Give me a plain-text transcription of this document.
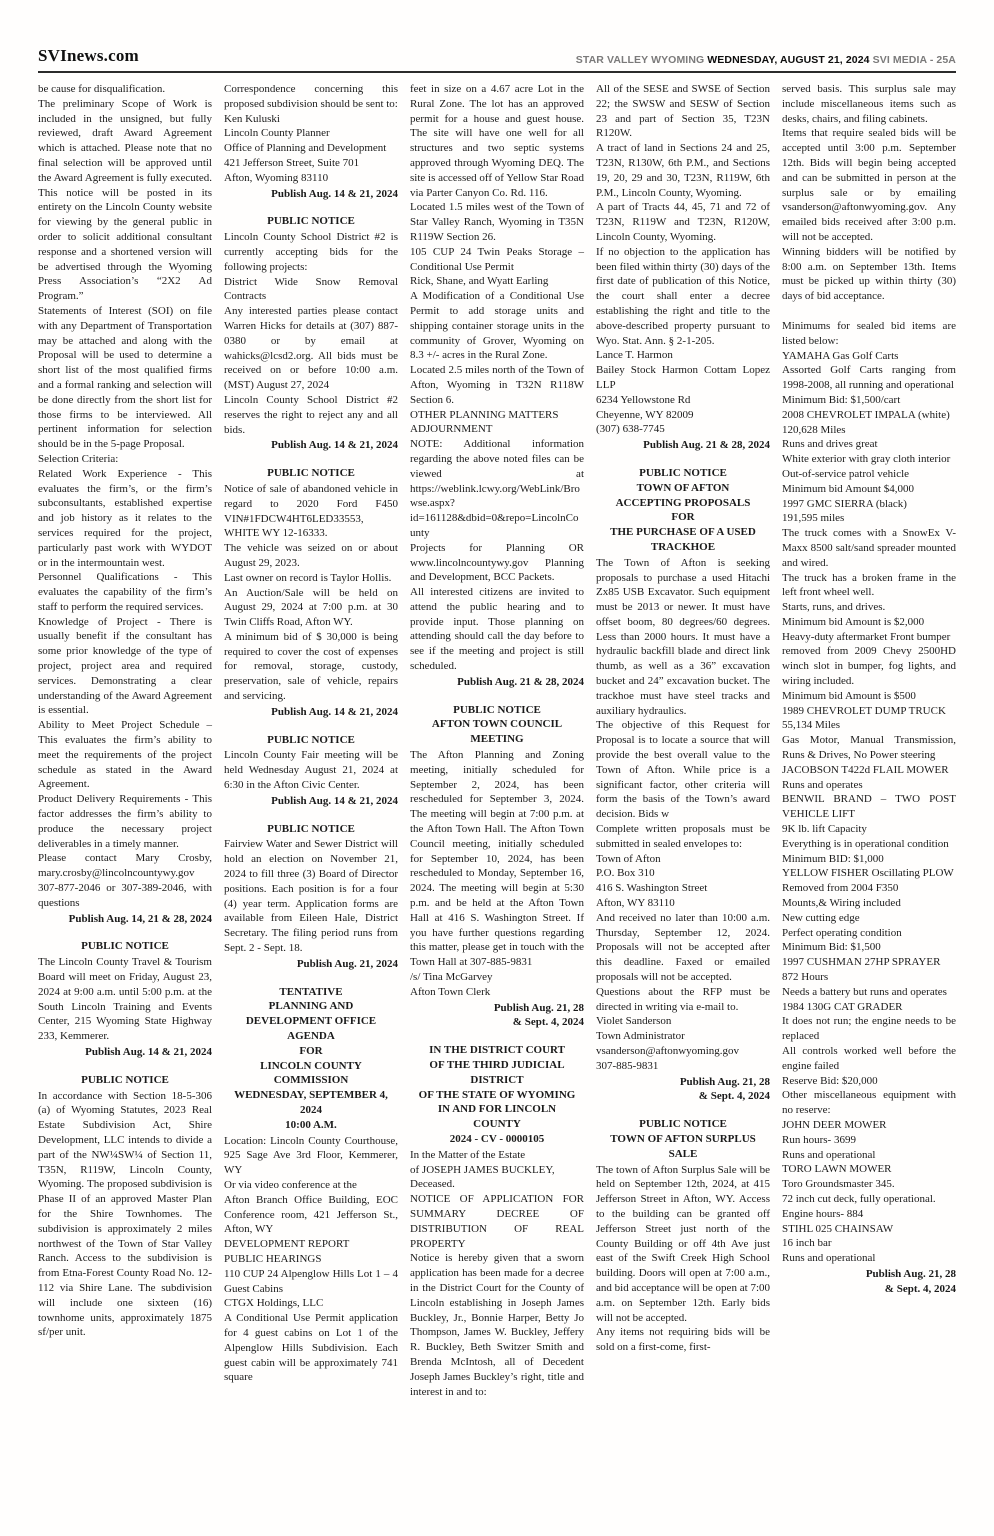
SVInews.com	STAR VALLEY WYOMING WEDNESDAY, AUGUST 21, 2024 SVI MEDIA - 25A
be cause for disqualification.
The preliminary Scope of Work is included in the unsigned, but fully reviewed, draft Award Agreement which is attached. Please note that no final selection will be approved until the Award Agreement is fully executed. This notice will be posted in its entirety on the Lincoln County website for viewing by the general public in order to solicit additional consultant response and a shortened version will be advertised through the Wyoming Press Association’s “2X2 Ad Program.”
Statements of Interest (SOI) on file with any Department of Transportation may be attached and along with the Proposal will be used to determine a short list of the most qualified firms and a formal ranking and selection will be done directly from the short list for those firms to be interviewed. All pertinent information for selection should be in the 5-page Proposal.
Selection Criteria:
Related Work Experience - This evaluates the firm’s, or the firm’s subconsultants, established expertise and job history as it relates to the services required for the project, particularly past work with WYDOT or in the intermountain west.
Personnel Qualifications - This evaluates the capability of the firm’s staff to perform the required services.
Knowledge of Project - There is usually benefit if the consultant has some prior knowledge of the type of project, project area and required services. Demonstrating a clear understanding of the Award Agreement is essential.
Ability to Meet Project Schedule – This evaluates the firm’s ability to meet the requirements of the project schedule as stated in the Award Agreement.
Product Delivery Requirements - This factor addresses the firm’s ability to produce the necessary project deliverables in a timely manner.
Please contact Mary Crosby, mary.crosby@lincolncountywy.gov 307-877-2046 or 307-389-2046, with questions
Publish Aug. 14, 21 & 28, 2024
PUBLIC NOTICE
The Lincoln County Travel & Tourism Board will meet on Friday, August 23, 2024 at 9:00 a.m. until 5:00 p.m. at the South Lincoln Training and Events Center, 215 Wyoming State Highway 233, Kemmerer.
Publish Aug. 14 & 21, 2024
PUBLIC NOTICE
In accordance with Section 18-5-306 (a) of Wyoming Statutes, 2023 Real Estate Subdivision Act, Shire Development, LLC intends to divide a part of the NW¼SW¼ of Section 11, T35N, R119W, Lincoln County, Wyoming. The proposed subdivision is Phase II of an approved Master Plan for the Shire Townhomes. The subdivision is approximately 2 miles northwest of the Town of Star Valley Ranch. Access to the subdivision is from Etna-Forest County Road No. 12-112 via Shire Lane. The subdivision will include one sixteen (16) townhome units, approximately 1875 sf/per unit.
Correspondence concerning this proposed subdivision should be sent to:
Ken Kuluski
Lincoln County Planner
Office of Planning and Development
421 Jefferson Street, Suite 701
Afton, Wyoming 83110
Publish Aug. 14 & 21, 2024
PUBLIC NOTICE
Lincoln County School District #2 is currently accepting bids for the following projects:
District Wide Snow Removal Contracts
Any interested parties please contact Warren Hicks for details at (307) 887-0380 or by email at wahicks@lcsd2.org. All bids must be received on or before 10:00 a.m. (MST) August 27, 2024
Lincoln County School District #2 reserves the right to reject any and all bids.
Publish Aug. 14 & 21, 2024
PUBLIC NOTICE
Notice of sale of abandoned vehicle in regard to 2020 Ford F450 VIN#1FDCW4HT6LED33553, WHITE WY 12-16333.
The vehicle was seized on or about August 29, 2023.
Last owner on record is Taylor Hollis.
An Auction/Sale will be held on August 29, 2024 at 7:00 p.m. at 30 Twin Cliffs Road, Afton WY.
A minimum bid of $ 30,000 is being required to cover the cost of expenses for removal, storage, custody, preservation, sale of vehicle, repairs and servicing.
Publish Aug. 14 & 21, 2024
PUBLIC NOTICE
Lincoln County Fair meeting will be held Wednesday August 21, 2024 at 6:30 in the Afton Civic Center.
Publish Aug. 14 & 21, 2024
PUBLIC NOTICE
Fairview Water and Sewer District will hold an election on November 21, 2024 to fill three (3) Board of Director positions. Each position is for a four (4) year term. Application forms are available from Eileen Hale, District Secretary. The filing period runs from Sept. 2 - Sept. 18.
Publish Aug. 21, 2024
TENTATIVE
PLANNING AND
DEVELOPMENT OFFICE
AGENDA
FOR
LINCOLN COUNTY
COMMISSION
WEDNESDAY, SEPTEMBER 4,
2024
10:00 A.M.
Location: Lincoln County Courthouse, 925 Sage Ave 3rd Floor, Kemmerer, WY
Or via video conference at the
Afton Branch Office Building, EOC Conference room, 421 Jefferson St., Afton, WY
DEVELOPMENT REPORT
PUBLIC HEARINGS
110 CUP 24 Alpenglow Hills Lot 1 – 4 Guest Cabins
CTGX Holdings, LLC
A Conditional Use Permit application for 4 guest cabins on Lot 1 of the Alpenglow Hills Subdivision. Each guest cabin will be approximately 741 square
feet in size on a 4.67 acre Lot in the Rural Zone. The lot has an approved permit for a house and guest house. The site will have one well for all structures and two septic systems approved through Wyoming DEQ. The site is accessed off of Yellow Star Road via Parter Canyon Co. Rd. 116.
Located 1.5 miles west of the Town of Star Valley Ranch, Wyoming in T35N R119W Section 26.
105 CUP 24 Twin Peaks Storage – Conditional Use Permit
Rick, Shane, and Wyatt Earling
A Modification of a Conditional Use Permit to add storage units and shipping container storage units in the community of Grover, Wyoming on 8.3 +/- acres in the Rural Zone.
Located 2.5 miles north of the Town of Afton, Wyoming in T32N R118W Section 6.
OTHER PLANNING MATTERS
ADJOURNMENT
NOTE: Additional information regarding the above noted files can be viewed at https://weblink.lcwy.org/WebLink/Browse.aspx?id=161128&dbid=0&repo=LincolnCounty
Projects for Planning OR www.lincolncountywy.gov Planning and Development, BCC Packets.
All interested citizens are invited to attend the public hearing and to provide input. Those planning on attending should call the day before to see if the meeting and project is still scheduled.
Publish Aug. 21 & 28, 2024
PUBLIC NOTICE
AFTON TOWN COUNCIL
MEETING
The Afton Planning and Zoning meeting, initially scheduled for September 2, 2024, has been rescheduled for September 3, 2024. The meeting will begin at 7:00 p.m. at the Afton Town Hall. The Afton Town Council meeting, initially scheduled for September 10, 2024, has been rescheduled to Monday, September 16, 2024. The meeting will begin at 5:30 p.m. and be held at the Afton Town Hall at 416 S. Washington Street. If you have further questions regarding this matter, please get in touch with the Town Hall at 307-885-9831
/s/ Tina McGarvey
Afton Town Clerk
Publish Aug. 21, 28
& Sept. 4, 2024
IN THE DISTRICT COURT
OF THE THIRD JUDICIAL
DISTRICT
OF THE STATE OF WYOMING
IN AND FOR LINCOLN
COUNTY
2024 - CV - 0000105
In the Matter of the Estate
of JOSEPH JAMES BUCKLEY,
Deceased.
NOTICE OF APPLICATION FOR SUMMARY DECREE OF DISTRIBUTION OF REAL PROPERTY
Notice is hereby given that a sworn application has been made for a decree in the District Court for the County of Lincoln establishing in Joseph James Buckley, Jr., Bonnie Harper, Betty Jo Thompson, James W. Buckley, Jeffery R. Buckley, Beth Switzer Smith and Brenda McIntosh, all of Decedent Joseph James Buckley’s right, title and interest in and to:
All of the SESE and SWSE of Section 22; the SWSW and SESW of Section 23 and part of Section 35, T23N R120W.
A tract of land in Sections 24 and 25, T23N, R130W, 6th P.M., and Sections 19, 20, 29 and 30, T23N, R119W, 6th P.M., Lincoln County, Wyoming.
A part of Tracts 44, 45, 71 and 72 of T23N, R119W and T23N, R120W, Lincoln County, Wyoming.
If no objection to the application has been filed within thirty (30) days of the first date of publication of this Notice, the court shall enter a decree establishing the right and title to the above-described property pursuant to Wyo. Stat. Ann. § 2-1-205.
Lance T. Harmon
Bailey Stock Harmon Cottam Lopez LLP
6234 Yellowstone Rd
Cheyenne, WY 82009
(307) 638-7745
Publish Aug. 21 & 28, 2024
PUBLIC NOTICE
TOWN OF AFTON
ACCEPTING PROPOSALS
FOR
THE PURCHASE OF A USED
TRACKHOE
The Town of Afton is seeking proposals to purchase a used Hitachi Zx85 USB Excavator. Such equipment must be 2013 or newer. It must have offset boom, 80 degrees/60 degrees. Less than 2000 hours. It must have a hydraulic backfill blade and direct link thumb, as well as a 36” excavation bucket and 24” excavation bucket. The trackhoe must have steel tracks and auxiliary hydraulics.
The objective of this Request for Proposal is to locate a source that will provide the best overall value to the Town of Afton. While price is a significant factor, other criteria will form the basis of the Town’s award decision. Bids w
Complete written proposals must be submitted in sealed envelopes to:
Town of Afton
P.O. Box 310
416 S. Washington Street
Afton, WY 83110
And received no later than 10:00 a.m. Thursday, September 12, 2024. Proposals will not be accepted after this deadline. Faxed or emailed proposals will not be accepted.
Questions about the RFP must be directed in writing via e-mail to.
Violet Sanderson
Town Administrator
vsanderson@aftonwyoming.gov
307-885-9831
Publish Aug. 21, 28
& Sept. 4, 2024
PUBLIC NOTICE
TOWN OF AFTON SURPLUS
SALE
The town of Afton Surplus Sale will be held on September 12th, 2024, at 415 Jefferson Street in Afton, WY. Access to the building can be granted off Jefferson Street just north of the County Building or off 4th Ave just east of the Swift Creek High School building. Doors will open at 7:00 a.m., and bid acceptance will be open at 7:00 a.m. on September 12th. Early bids will not be accepted.
Any items not requiring bids will be sold on a first-come, first-
served basis. This surplus sale may include miscellaneous items such as desks, chairs, and filing cabinets.
Items that require sealed bids will be accepted until 3:00 p.m. September 12th. Bids will begin being accepted and can be submitted in person at the surplus sale or by emailing vsanderson@aftonwyoming.gov. Any emailed bids received after 3:00 p.m. will not be accepted.
Winning bidders will be notified by 8:00 a.m. on September 13th. Items must be picked up within thirty (30) days of bid acceptance.
Minimums for sealed bid items are listed below:
YAMAHA Gas Golf Carts
Assorted Golf Carts ranging from 1998-2008, all running and operational
Minimum Bid: $1,500/cart
2008 CHEVROLET IMPALA (white)
120,628 Miles
Runs and drives great
White exterior with gray cloth interior
Out-of-service patrol vehicle
Minimum bid Amount $4,000
1997 GMC SIERRA (black)
191,595 miles
The truck comes with a SnowEx V-Maxx 8500 salt/sand spreader mounted and wired.
The truck has a broken frame in the left front wheel well.
Starts, runs, and drives.
Minimum bid Amount is $2,000
Heavy-duty aftermarket Front bumper
removed from 2009 Chevy 2500HD winch slot in bumper, fog lights, and wiring included.
Minimum bid Amount is $500
1989 CHEVROLET DUMP TRUCK
55,134 Miles
Gas Motor, Manual Transmission, Runs & Drives, No Power steering
JACOBSON T422d FLAIL MOWER
Runs and operates
BENWIL BRAND – TWO POST VEHICLE LIFT
9K lb. lift Capacity
Everything is in operational condition
Minimum BID: $1,000
YELLOW FISHER Oscillating PLOW
Removed from 2004 F350
Mounts,& Wiring included
New cutting edge
Perfect operating condition
Minimum Bid: $1,500
1997 CUSHMAN 27HP SPRAYER
872 Hours
Needs a battery but runs and operates
1984 130G CAT GRADER
It does not run; the engine needs to be replaced
All controls worked well before the engine failed
Reserve Bid: $20,000
Other miscellaneous equipment with no reserve:
JOHN DEER MOWER
Run hours- 3699
Runs and operational
TORO LAWN MOWER
Toro Groundsmaster 345.
72 inch cut deck, fully operational.
Engine hours- 884
STIHL 025 CHAINSAW
16 inch bar
Runs and operational
Publish Aug. 21, 28
& Sept. 4, 2024
